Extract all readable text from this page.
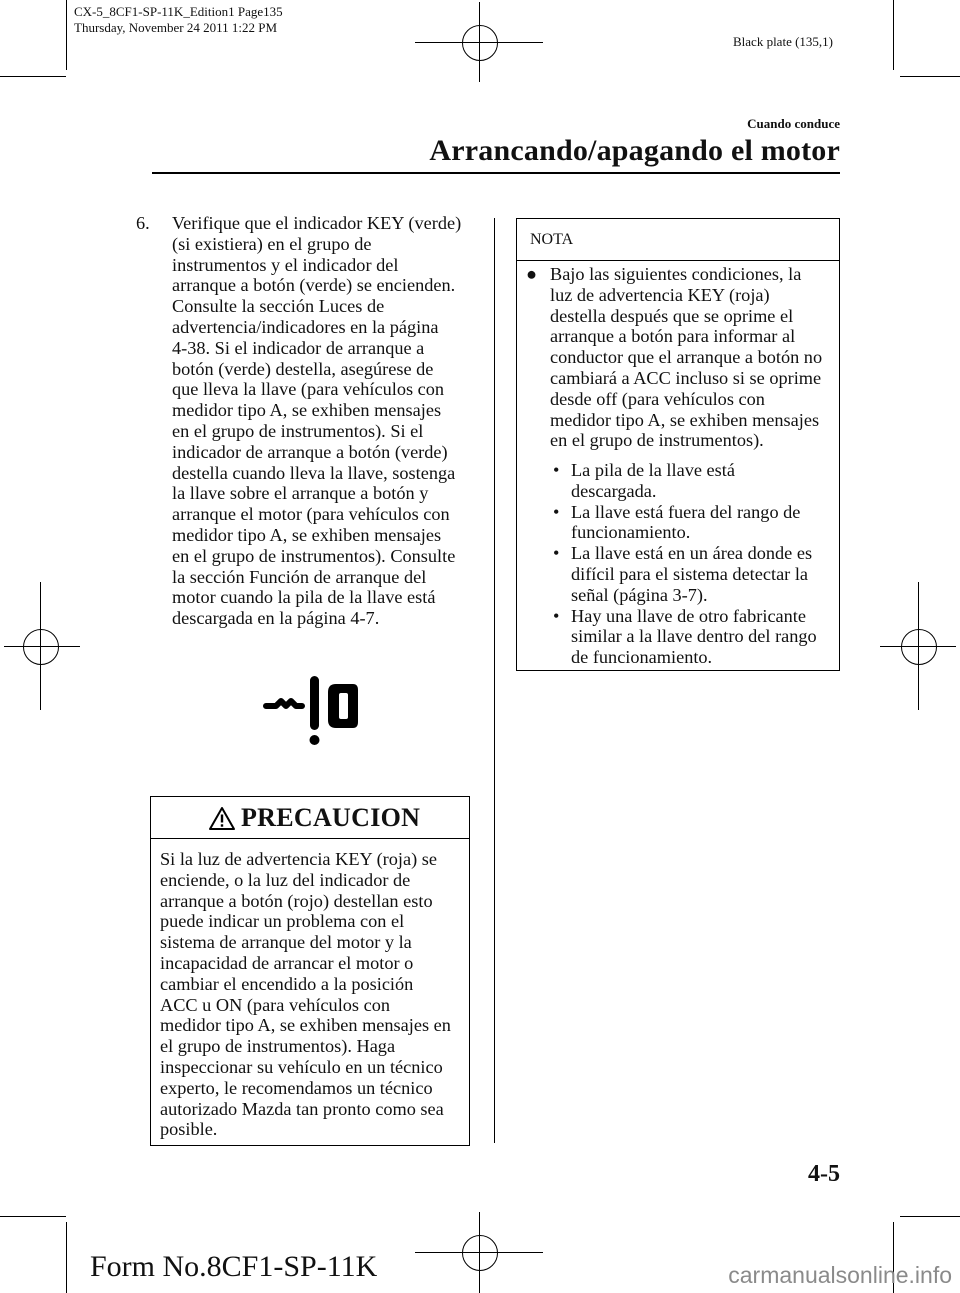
CX-5_8CF1-SP-11K_Edition1 Page135
Thursday, November 24 2011 1:22 PM
Black plate (135,1)
Cuando conduce
Arrancando/apagando el motor
6. Verifique que el indicador KEY (verde)
(si existiera) en el grupo de
instrumentos y el indicador del
arranque a botón (verde) se encienden.
Consulte la sección Luces de
advertencia/indicadores en la página
4-38. Si el indicador de arranque a
botón (verde) destella, asegúrese de
que lleva la llave (para vehículos con
medidor tipo A, se exhiben mensajes
en el grupo de instrumentos). Si el
indicador de arranque a botón (verde)
destella cuando lleva la llave, sostenga
la llave sobre el arranque a botón y
arranque el motor (para vehículos con
medidor tipo A, se exhiben mensajes
en el grupo de instrumentos). Consulte
la sección Función de arranque del
motor cuando la pila de la llave está
descargada en la página 4-7.
PRECAUCION
Si la luz de advertencia KEY (roja) se
enciende, o la luz del indicador de
arranque a botón (rojo) destellan esto
puede indicar un problema con el
sistema de arranque del motor y la
incapacidad de arrancar el motor o
cambiar el encendido a la posición
ACC u ON (para vehículos con
medidor tipo A, se exhiben mensajes en
el grupo de instrumentos). Haga
inspeccionar su vehículo en un técnico
experto, le recomendamos un técnico
autorizado Mazda tan pronto como sea
posible.
NOTA
● Bajo las siguientes condiciones, la
luz de advertencia KEY (roja)
destella después que se oprime el
arranque a botón para informar al
conductor que el arranque a botón no
cambiará a ACC incluso si se oprime
desde off (para vehículos con
medidor tipo A, se exhiben mensajes
en el grupo de instrumentos).
• La pila de la llave está
descargada.
• La llave está fuera del rango de
funcionamiento.
• La llave está en un área donde es
difícil para el sistema detectar la
señal (página 3-7).
• Hay una llave de otro fabricante
similar a la llave dentro del rango
de funcionamiento.
4-5
Form No.8CF1-SP-11K	carmanualsonline.info
